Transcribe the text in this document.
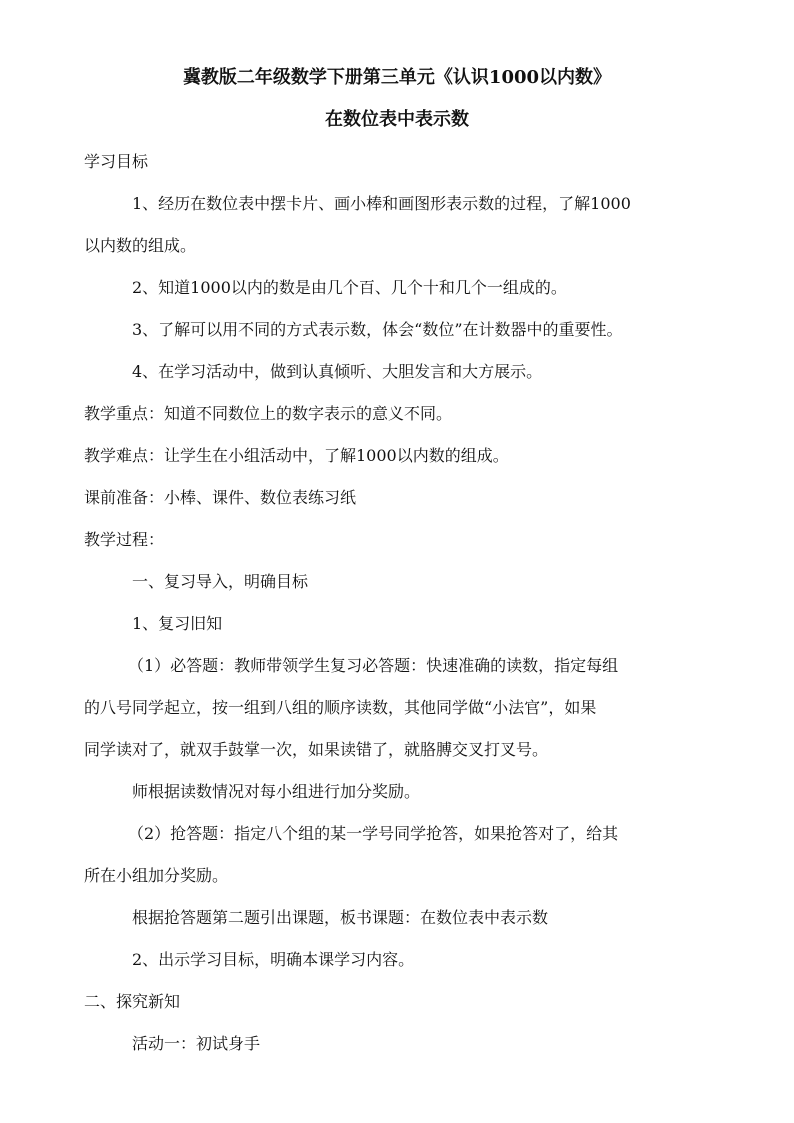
冀教版二年级数学下册第三单元《认识1000以内数》
在数位表中表示数
学习目标
1、经历在数位表中摆卡片、画小棒和画图形表示数的过程，了解1000
以内数的组成。
2、知道1000以内的数是由几个百、几个十和几个一组成的。
3、了解可以用不同的方式表示数，体会“数位”在计数器中的重要性。
4、在学习活动中，做到认真倾听、大胆发言和大方展示。
教学重点：知道不同数位上的数字表示的意义不同。
教学难点：让学生在小组活动中，了解1000以内数的组成。
课前准备：小棒、课件、数位表练习纸
教学过程：
一、复习导入，明确目标
1、复习旧知
（1）必答题：教师带领学生复习必答题：快速准确的读数，指定每组
的八号同学起立，按一组到八组的顺序读数，其他同学做“小法官”，如果
同学读对了，就双手鼓掌一次，如果读错了，就胳膊交叉打叉号。
师根据读数情况对每小组进行加分奖励。
（2）抢答题：指定八个组的某一学号同学抢答，如果抢答对了，给其
所在小组加分奖励。
根据抢答题第二题引出课题，板书课题：在数位表中表示数
2、出示学习目标，明确本课学习内容。
二、探究新知
活动一：初试身手
